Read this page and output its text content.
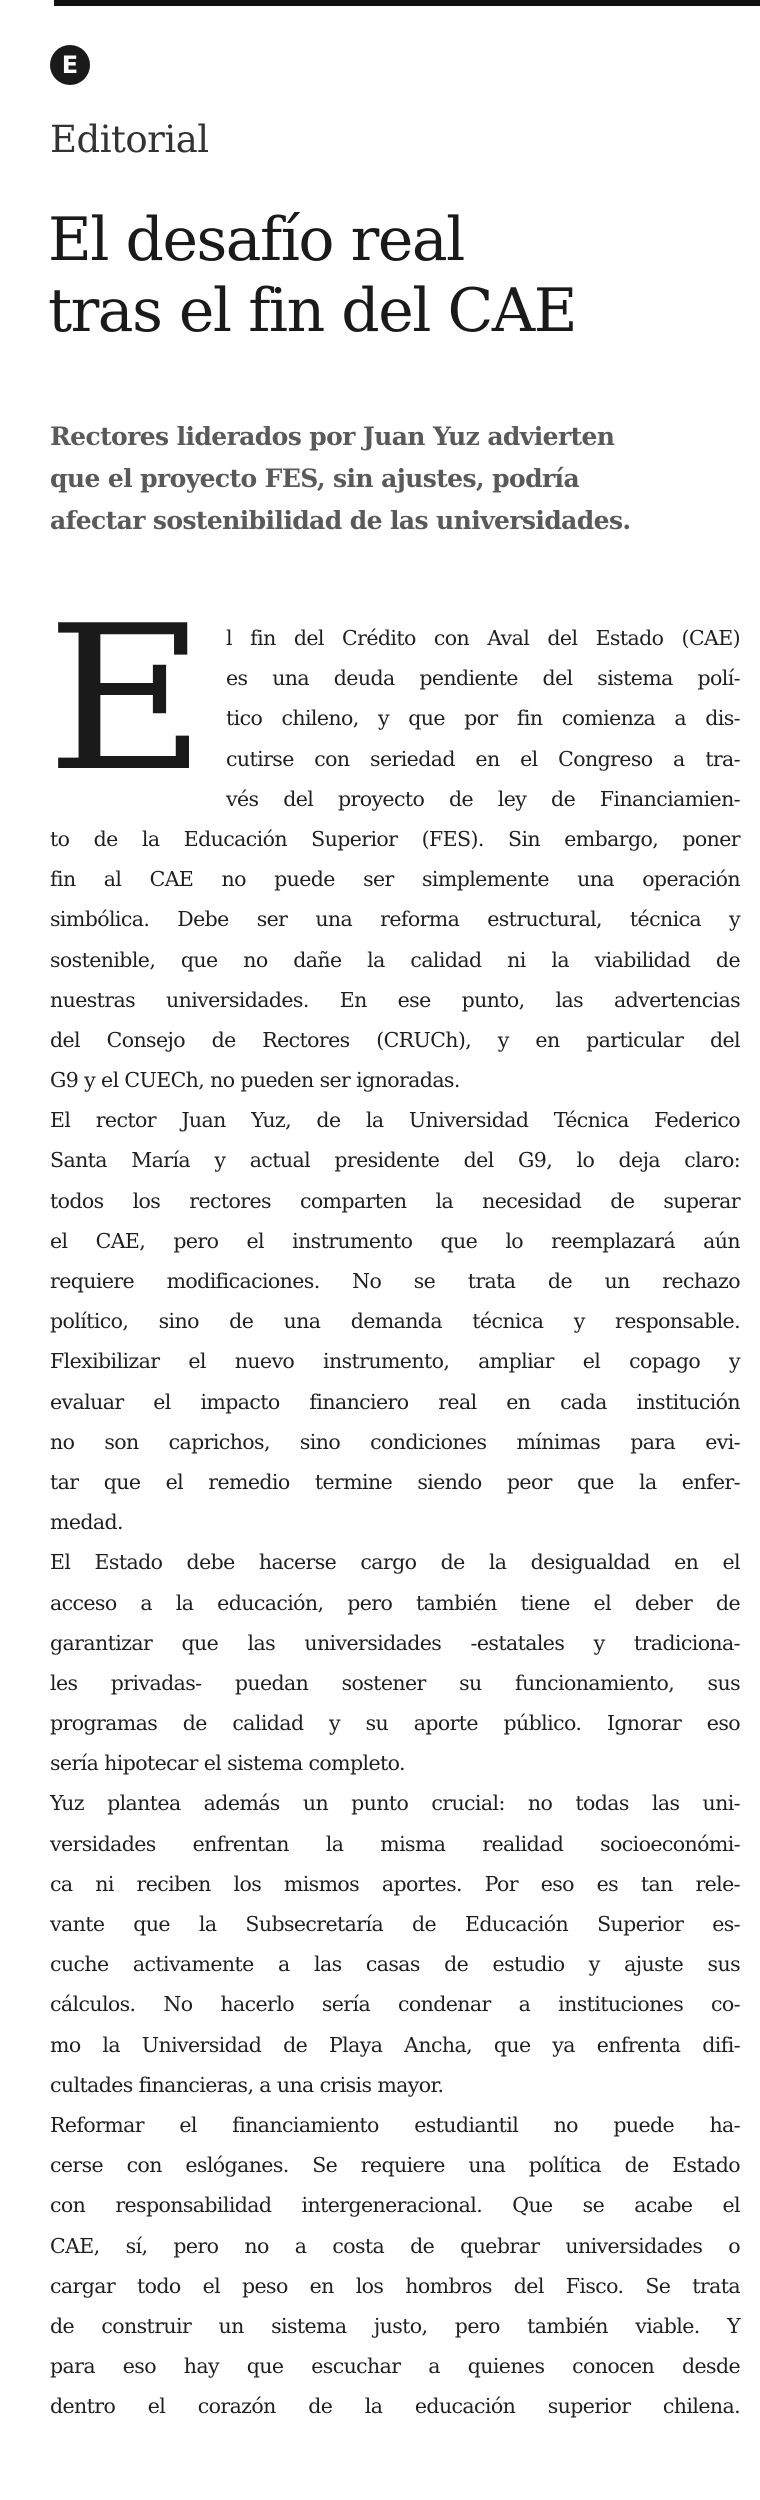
E
Editorial
El desafío real
tras el fin del CAE

Rectores liderados por Juan Yuz advierten
que el proyecto FES, sin ajustes, podría
afectar sostenibilidad de las universidades.

E l fin del Crédito con Aval del Estado (CAE)
es una deuda pendiente del sistema polí-
tico chileno, y que por fin comienza a dis-
cutirse con seriedad en el Congreso a tra-
vés del proyecto de ley de Financiamien-
to de la Educación Superior (FES). Sin embargo, poner
fin al CAE no puede ser simplemente una operación
simbólica. Debe ser una reforma estructural, técnica y
sostenible, que no dañe la calidad ni la viabilidad de
nuestras universidades. En ese punto, las advertencias
del Consejo de Rectores (CRUCh), y en particular del
G9 y el CUECh, no pueden ser ignoradas.
El rector Juan Yuz, de la Universidad Técnica Federico
Santa María y actual presidente del G9, lo deja claro:
todos los rectores comparten la necesidad de superar
el CAE, pero el instrumento que lo reemplazará aún
requiere modificaciones. No se trata de un rechazo
político, sino de una demanda técnica y responsable.
Flexibilizar el nuevo instrumento, ampliar el copago y
evaluar el impacto financiero real en cada institución
no son caprichos, sino condiciones mínimas para evi-
tar que el remedio termine siendo peor que la enfer-
medad.
El Estado debe hacerse cargo de la desigualdad en el
acceso a la educación, pero también tiene el deber de
garantizar que las universidades -estatales y tradiciona-
les privadas- puedan sostener su funcionamiento, sus
programas de calidad y su aporte público. Ignorar eso
sería hipotecar el sistema completo.
Yuz plantea además un punto crucial: no todas las uni-
versidades enfrentan la misma realidad socioeconómi-
ca ni reciben los mismos aportes. Por eso es tan rele-
vante que la Subsecretaría de Educación Superior es-
cuche activamente a las casas de estudio y ajuste sus
cálculos. No hacerlo sería condenar a instituciones co-
mo la Universidad de Playa Ancha, que ya enfrenta difi-
cultades financieras, a una crisis mayor.
Reformar el financiamiento estudiantil no puede ha-
cerse con eslóganes. Se requiere una política de Estado
con responsabilidad intergeneracional. Que se acabe el
CAE, sí, pero no a costa de quebrar universidades o
cargar todo el peso en los hombros del Fisco. Se trata
de construir un sistema justo, pero también viable. Y
para eso hay que escuchar a quienes conocen desde
dentro el corazón de la educación superior chilena.
